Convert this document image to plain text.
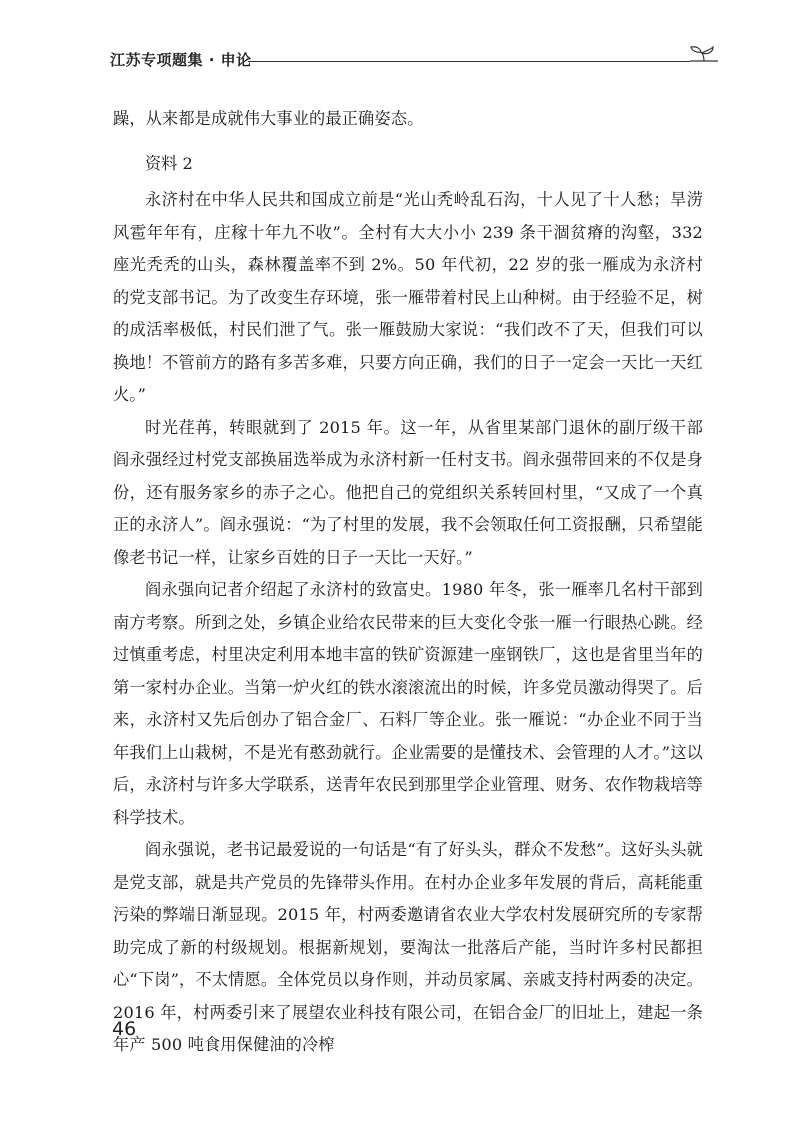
江苏专项题集 · 申论

躁，从来都是成就伟大事业的最正确姿态。

资料 2

永济村在中华人民共和国成立前是“光山秃岭乱石沟，十人见了十人愁；旱涝风雹年年有，庄稼十年九不收”。全村有大大小小 239 条干涸贫瘠的沟壑，332 座光秃秃的山头，森林覆盖率不到 2%。50 年代初，22 岁的张一雁成为永济村的党支部书记。为了改变生存环境，张一雁带着村民上山种树。由于经验不足，树的成活率极低，村民们泄了气。张一雁鼓励大家说：“我们改不了天，但我们可以换地！不管前方的路有多苦多难，只要方向正确，我们的日子一定会一天比一天红火。”

时光荏苒，转眼就到了 2015 年。这一年，从省里某部门退休的副厅级干部阎永强经过村党支部换届选举成为永济村新一任村支书。阎永强带回来的不仅是身份，还有服务家乡的赤子之心。他把自己的党组织关系转回村里，“又成了一个真正的永济人”。阎永强说：“为了村里的发展，我不会领取任何工资报酬，只希望能像老书记一样，让家乡百姓的日子一天比一天好。”

阎永强向记者介绍起了永济村的致富史。1980 年冬，张一雁率几名村干部到南方考察。所到之处，乡镇企业给农民带来的巨大变化令张一雁一行眼热心跳。经过慎重考虑，村里决定利用本地丰富的铁矿资源建一座钢铁厂，这也是省里当年的第一家村办企业。当第一炉火红的铁水滚滚流出的时候，许多党员激动得哭了。后来，永济村又先后创办了铝合金厂、石料厂等企业。张一雁说：“办企业不同于当年我们上山栽树，不是光有憨劲就行。企业需要的是懂技术、会管理的人才。”这以后，永济村与许多大学联系，送青年农民到那里学企业管理、财务、农作物栽培等科学技术。

阎永强说，老书记最爱说的一句话是“有了好头头，群众不发愁”。这好头头就是党支部，就是共产党员的先锋带头作用。在村办企业多年发展的背后，高耗能重污染的弊端日渐显现。2015 年，村两委邀请省农业大学农村发展研究所的专家帮助完成了新的村级规划。根据新规划，要淘汰一批落后产能，当时许多村民都担心“下岗”，不太情愿。全体党员以身作则，并动员家属、亲戚支持村两委的决定。2016 年，村两委引来了展望农业科技有限公司，在铝合金厂的旧址上，建起一条年产 500 吨食用保健油的冷榨

46
